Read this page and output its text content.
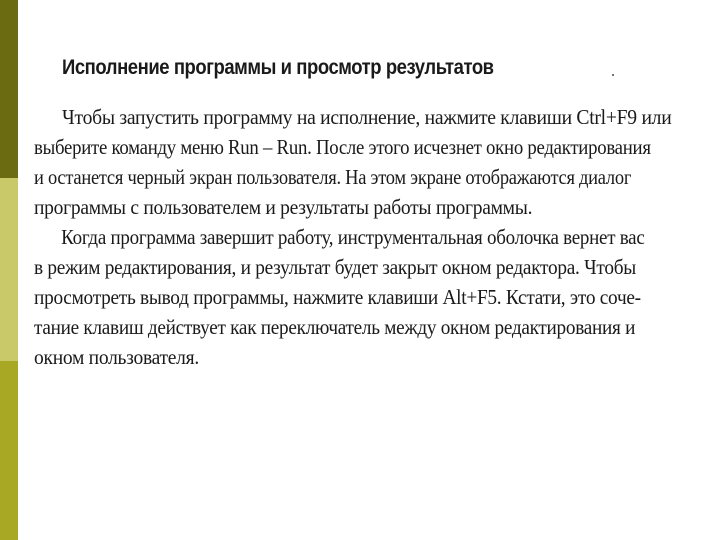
Исполнение программы и просмотр результатов
Чтобы запустить программу на исполнение, нажмите клавиши Ctrl+F9 или
выберите команду меню Run – Run. После этого исчезнет окно редактирования
и останется черный экран пользователя. На этом экране отображаются диалог
программы с пользователем и результаты работы программы.
Когда программа завершит работу, инструментальная оболочка вернет вас
в режим редактирования, и результат будет закрыт окном редактора. Чтобы
просмотреть вывод программы, нажмите клавиши Alt+F5. Кстати, это соче-
тание клавиш действует как переключатель между окном редактирования и
окном пользователя.
